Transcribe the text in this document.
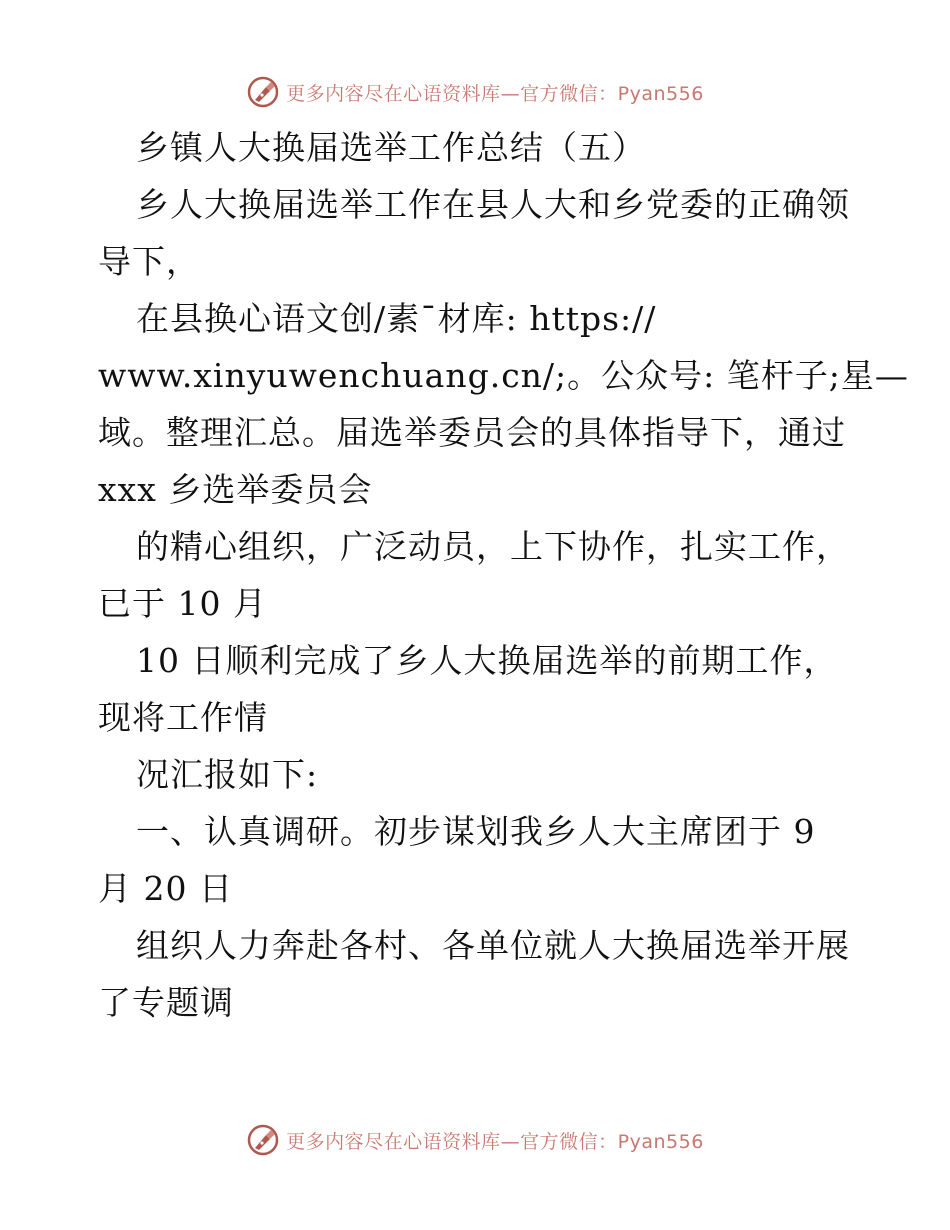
更多内容尽在心语资料库—官方微信：Pyan556
乡镇人大换届选举工作总结（五）
乡人大换届选举工作在县人大和乡党委的正确领
导下，
在县换心语文创/素¯材库: https://
www.xinyuwenchuang.cn/;。公众号: 笔杆子;星—
域。整理汇总。届选举委员会的具体指导下，通过
xxx 乡选举委员会
的精心组织，广泛动员，上下协作，扎实工作，
已于 10 月
10 日顺利完成了乡人大换届选举的前期工作，
现将工作情
况汇报如下:
一、认真调研。初步谋划我乡人大主席团于 9
月 20 日
组织人力奔赴各村、各单位就人大换届选举开展
了专题调
更多内容尽在心语资料库—官方微信：Pyan556
